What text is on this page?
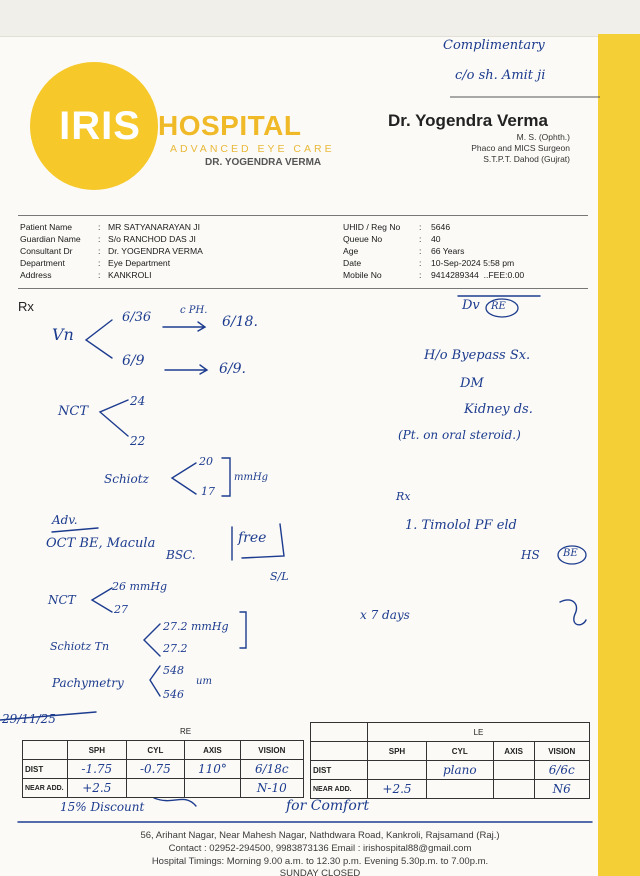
IRIS HOSPITAL
ADVANCED EYE CARE
DR. YOGENDRA VERMA
Dr. Yogendra Verma
M. S. (Ophth.)
Phaco and MICS Surgeon
S.T.P.T. Dahod (Gujrat)
Complimentary
c/o sh. Amit ji
Patient Name	: MR SATYANARAYAN JI
Guardian Name : S/o RANCHOD DAS JI
Consultant Dr	: Dr. YOGENDRA VERMA
Department	: Eye Department
Address	: KANKROLI
UHID / Reg No : 5646
Queue No	: 40
Age	: 66 Years
Date	: 10-Sep-2024 5:58 pm
Mobile No	: 9414289344 ..FEE:0.00
Rx
Vn
6/36	c PH.
6/18.
6/9	6/9.
Dv RE
H/o Byepass Sx.
DM
Kidney ds.
(Pt. on oral steroid.)
NCT
24
22
Schiotz
20
17
mmHg
Adv.
OCT BE, Macula
BSC.
free
S/L
Rx
1. Timolol PF eld
HS BE
x 7 days
NCT
26 mmHg
27
Schiotz Tn
27.2 mmHg
27.2
Pachymetry
548
546
um
29/11/25
	RE			
	SPH	CYL	AXIS	VISION
DIST	-1.75	-0.75	110°	6/18c
NEAR ADD.	+2.5			N-10
	LE			
	SPH	CYL	AXIS	VISION
DIST		plano		6/6c
NEAR ADD.	+2.5			N6
15% Discount	for Comfort
56, Arihant Nagar, Near Mahesh Nagar, Nathdwara Road, Kankroli, Rajsamand (Raj.)
Contact : 02952-294500, 9983873136 Email : irishospital88@gmail.com
Hospital Timings: Morning 9.00 a.m. to 12.30 p.m. Evening 5.30p.m. to 7.00p.m.
SUNDAY CLOSED
